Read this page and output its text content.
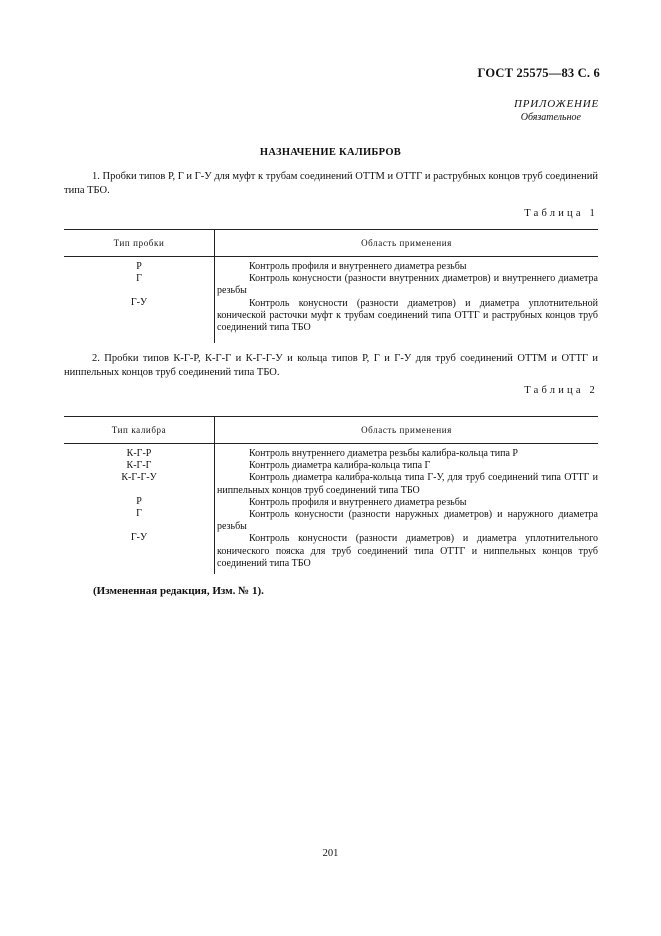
ГОСТ 25575—83 С. 6
ПРИЛОЖЕНИЕ
Обязательное
НАЗНАЧЕНИЕ КАЛИБРОВ

1. Пробки типов Р, Г и Г-У для муфт к трубам соединений ОТТМ и ОТТГ и раструбных концов труб соединений типа ТБО.

Таблица 1
Тип пробки	Область применения
Р
Г
Г-У
Контроль профиля и внутреннего диаметра резьбы
Контроль конусности (разности внутренних диаметров) и внутреннего диаметра резьбы
Контроль конусности (разности диаметров) и диаметра уплотнительной конической расточки муфт к трубам соединений типа ОТТГ и раструбных концов труб соединений типа ТБО

2. Пробки типов К-Г-Р, К-Г-Г и К-Г-Г-У и кольца типов Р, Г и Г-У для труб соединений ОТТМ и ОТТГ и ниппельных концов труб соединений типа ТБО.

Таблица 2
Тип калибра	Область применения
К-Г-Р
К-Г-Г
К-Г-Г-У
Р
Г
Г-У
Контроль внутреннего диаметра резьбы калибра-кольца типа Р
Контроль диаметра калибра-кольца типа Г
Контроль диаметра калибра-кольца типа Г-У, для труб соединений типа ОТТГ и ниппельных концов труб соединений типа ТБО
Контроль профиля и внутреннего диаметра резьбы
Контроль конусности (разности наружных диаметров) и наружного диаметра резьбы
Контроль конусности (разности диаметров) и диаметра уплотнительного конического пояска для труб соединений типа ОТТГ и ниппельных концов труб соединений типа ТБО
(Измененная редакция, Изм. № 1).
201
